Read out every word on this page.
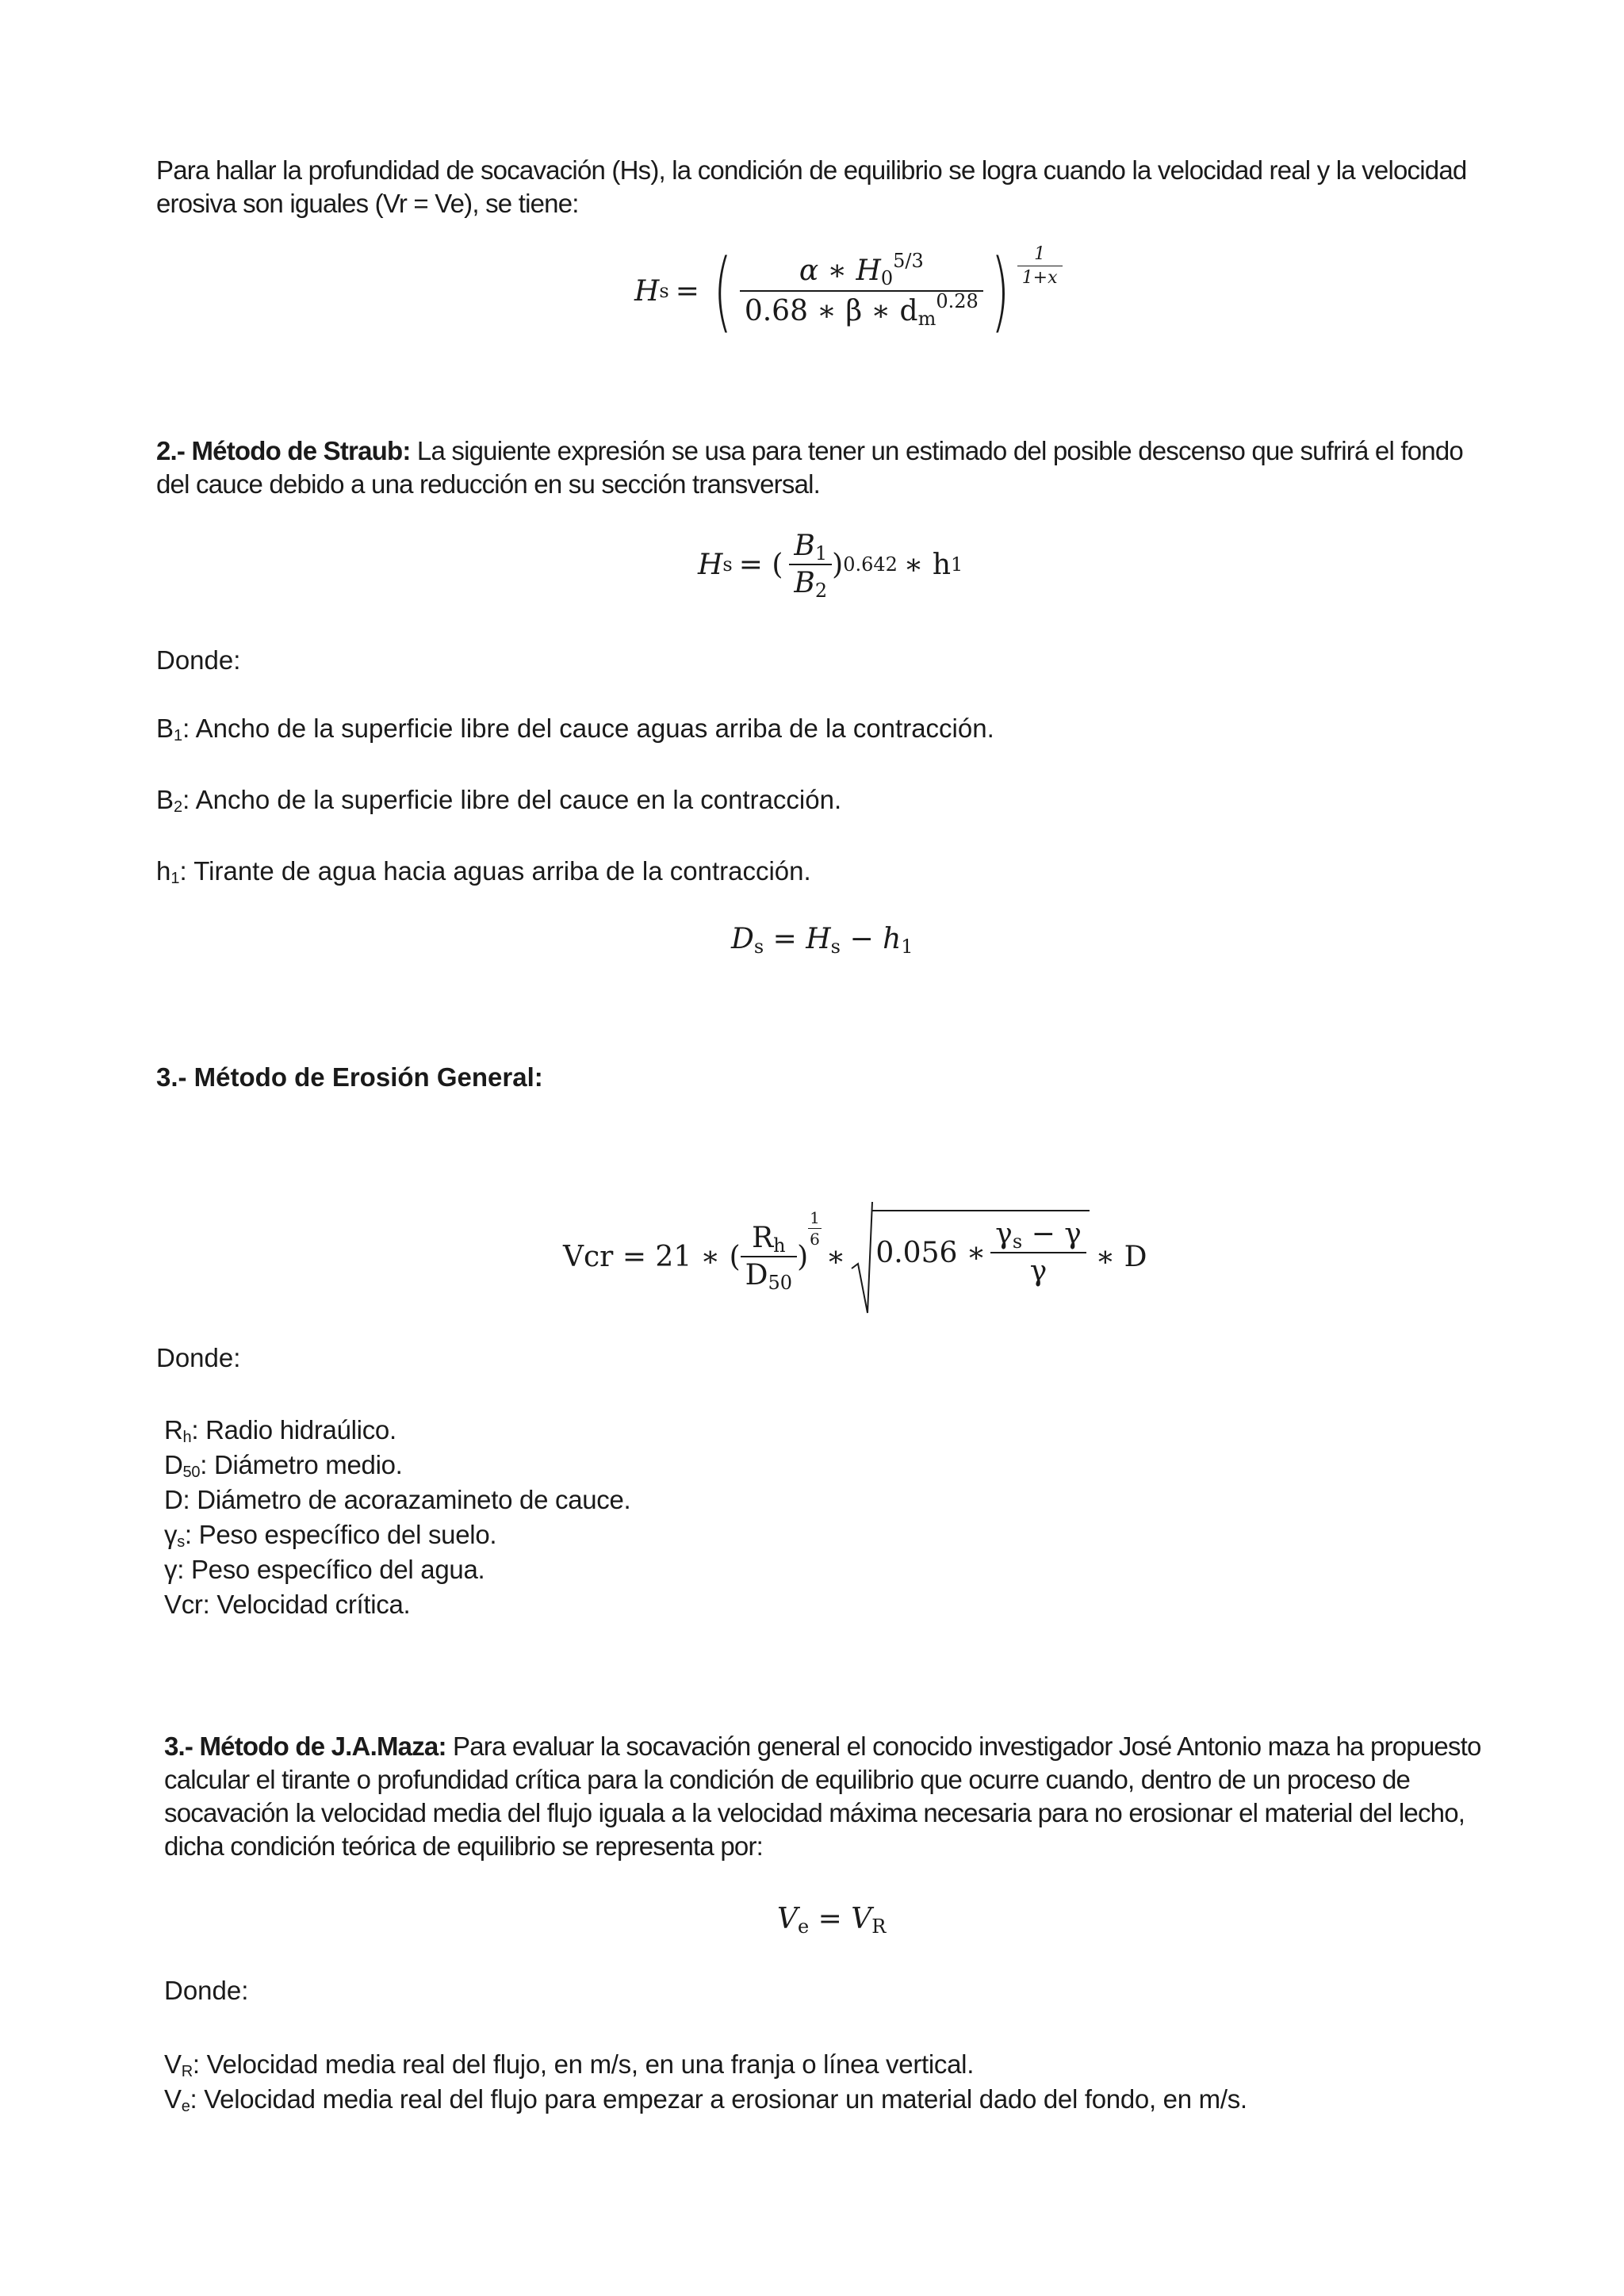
Para hallar la profundidad de socavación (Hs), la condición de equilibrio se logra cuando la velocidad real y la velocidad
erosiva son iguales (Vr = Ve), se tiene:

H s = (	α ∗ $H_0^{5/3}$
0.68 ∗ β ∗ $d_m^{0.28}$ ) $\frac{1}{1+x}$

2.- Método de Straub: La siguiente expresión se usa para tener un estimado del posible descenso que sufrirá el fondo
del cauce debido a una reducción en su sección transversal.

H s = (
$B_1$
$B_2$
) 0.642 ∗ h 1
Donde:
$B_1$: Ancho de la superficie libre del cauce aguas arriba de la contracción.
$B_2$: Ancho de la superficie libre del cauce en la contracción.
$h_1$: Tirante de agua hacia aguas arriba de la contracción.
$D_s = H_s - h_1$
3.- Método de Erosión General:
Vcr = 21 ∗ (
$R_h$
$D_{50}$
)
$\frac{1}{6}$
∗ 0.056 ∗
$\gamma_s - \gamma$
γ	∗ D
Donde:
$R_h$: Radio hidraúlico.
$D_{50}$: Diámetro medio.
D: Diámetro de acorazamineto de cauce.
$\gamma_s$: Peso específico del suelo.
γ: Peso específico del agua.
Vcr: Velocidad crítica.

3.- Método de J.A.Maza: Para evaluar la socavación general el conocido investigador José Antonio maza ha propuesto
calcular el tirante o profundidad crítica para la condición de equilibrio que ocurre cuando, dentro de un proceso de
socavación la velocidad media del flujo iguala a la velocidad máxima necesaria para no erosionar el material del lecho,
dicha condición teórica de equilibrio se representa por:

$V_e = V_R$
Donde:
$V_R$: Velocidad media real del flujo, en m/s, en una franja o línea vertical.
$V_e$: Velocidad media real del flujo para empezar a erosionar un material dado del fondo, en m/s.
